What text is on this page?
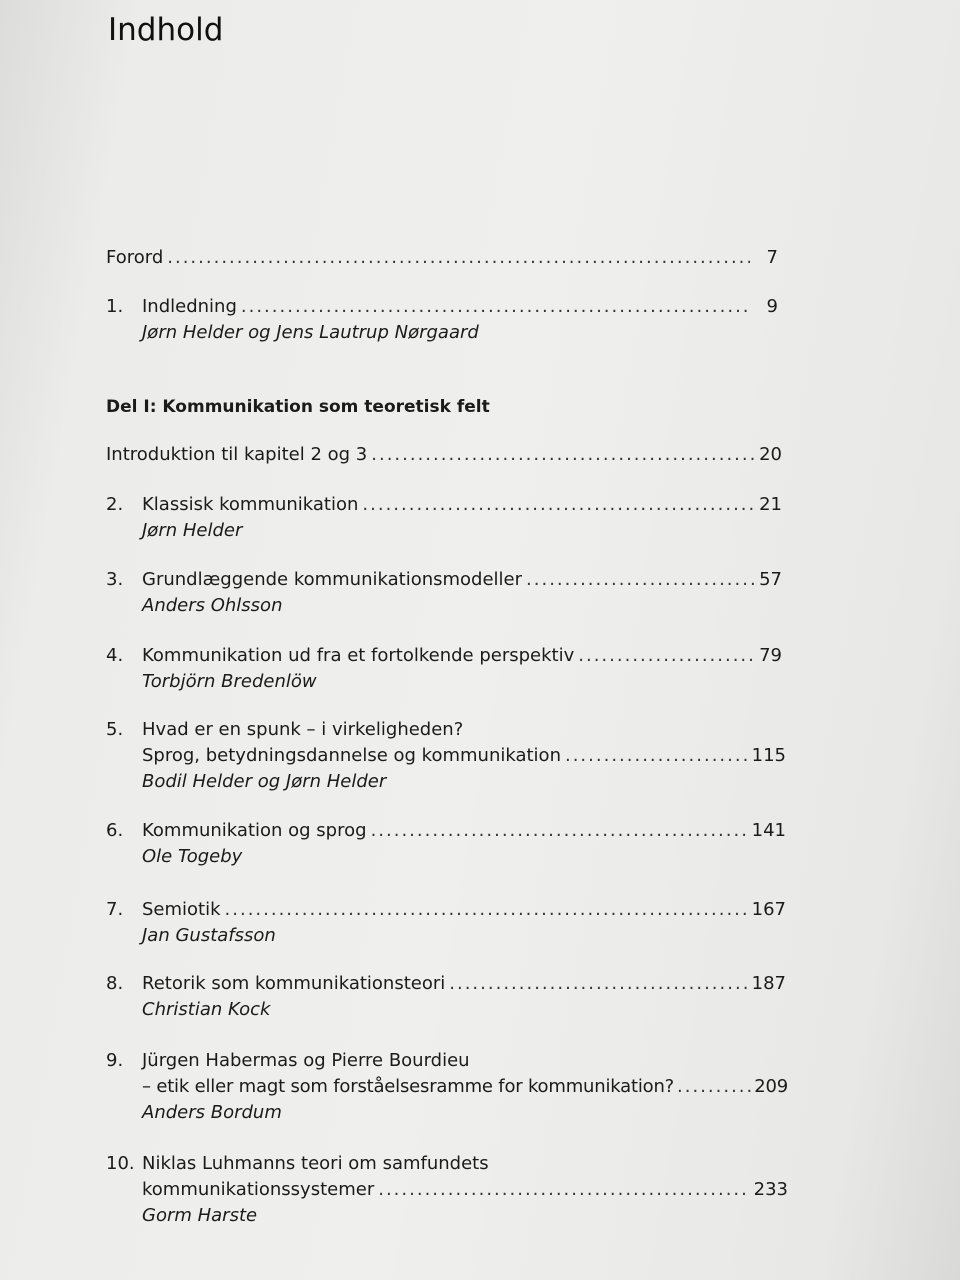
Indhold
Forord .....	7
1.	Indledning .....	9
Jørn Helder og Jens Lautrup Nørgaard
Del I: Kommunikation som teoretisk felt
Introduktion til kapitel 2 og 3 .....	20
2.	Klassisk kommunikation .....	21
Jørn Helder
3.	Grundlæggende kommunikationsmodeller .....	57
Anders Ohlsson
4.	Kommunikation ud fra et fortolkende perspektiv .....	79
Torbjörn Bredenlöw
5.	Hvad er en spunk – i virkeligheden?
Sprog, betydningsdannelse og kommunikation .....	115
Bodil Helder og Jørn Helder
6.	Kommunikation og sprog .....	141
Ole Togeby
7.	Semiotik .....	167
Jan Gustafsson
8.	Retorik som kommunikationsteori .....	187
Christian Kock
9.	Jürgen Habermas og Pierre Bourdieu
– etik eller magt som forståelsesramme for kommunikation? .....	209
Anders Bordum
10. Niklas Luhmanns teori om samfundets
kommunikationssystemer .....	233
Gorm Harste
